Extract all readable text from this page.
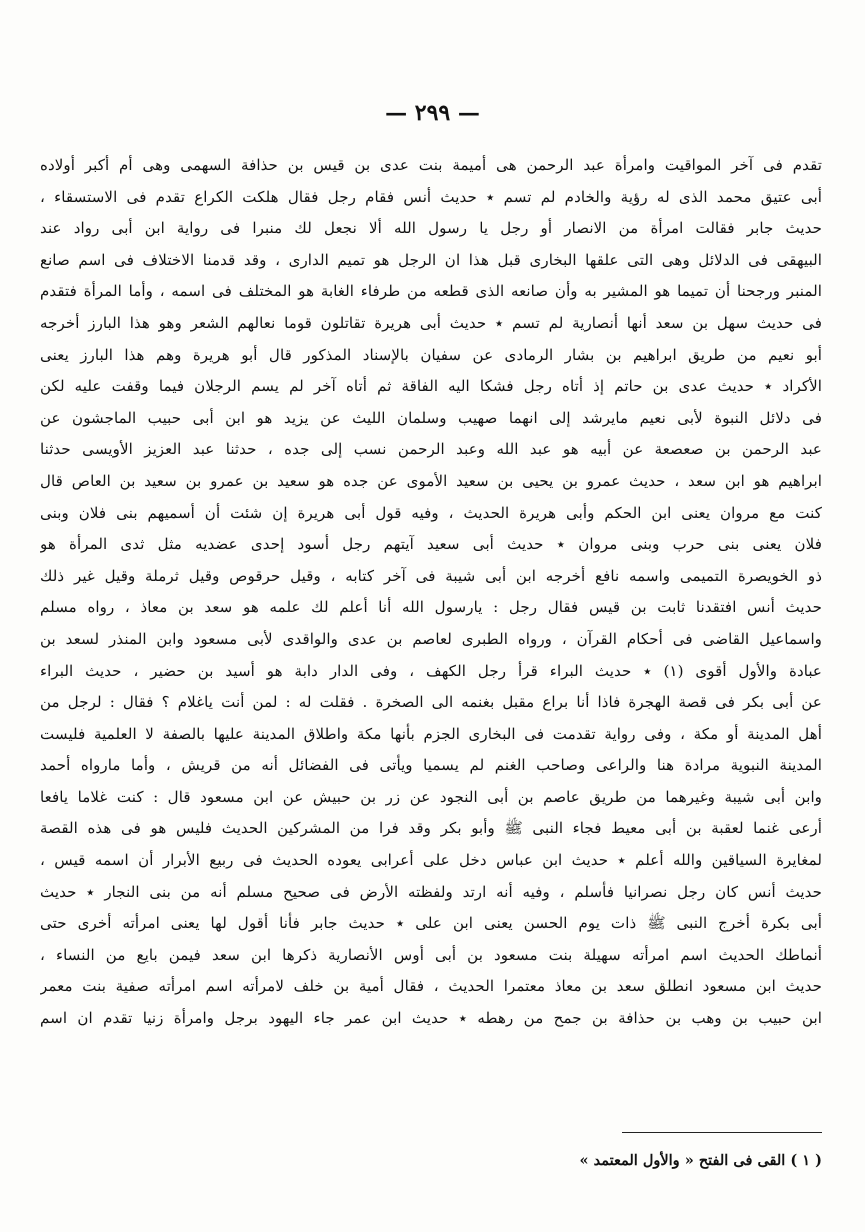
— ٢٩٩ —
تقدم فى آخر المواقيت وامرأة عبد الرحمن هى أميمة بنت عدى بن قيس بن حذافة السهمى وهى أم أكبر أولاده
أبى عتيق محمد الذى له رؤية والخادم لم تسم ٭ حديث أنس فقام رجل فقال هلكت الكراع تقدم فى الاستسقاء ،
حديث جابر فقالت امرأة من الانصار أو رجل يا رسول الله ألا نجعل لك منبرا فى رواية ابن أبى رواد عند
البيهقى فى الدلائل وهى التى علقها البخارى قبل هذا ان الرجل هو تميم الدارى ، وقد قدمنا الاختلاف فى اسم صانع
المنبر ورجحنا أن تميما هو المشير به وأن صانعه الذى قطعه من طرفاء الغابة هو المختلف فى اسمه ، وأما المرأة فتقدم
فى حديث سهل بن سعد أنها أنصارية لم تسم ٭ حديث أبى هريرة تقاتلون قوما نعالهم الشعر وهو هذا البارز أخرجه
أبو نعيم من طريق ابراهيم بن بشار الرمادى عن سفيان بالإسناد المذكور قال أبو هريرة وهم هذا البارز يعنى
الأكراد ٭ حديث عدى بن حاتم إذ أتاه رجل فشكا اليه الفاقة ثم أتاه آخر لم يسم الرجلان فيما وقفت عليه لكن
فى دلائل النبوة لأبى نعيم مايرشد إلى انهما صهيب وسلمان الليث عن يزيد هو ابن أبى حبيب الماجشون عن
عبد الرحمن بن صعصعة عن أبيه هو عبد الله وعبد الرحمن نسب إلى جده ، حدثنا عبد العزيز الأويسى حدثنا
ابراهيم هو ابن سعد ، حديث عمرو بن يحيى بن سعيد الأموى عن جده هو سعيد بن عمرو بن سعيد بن العاص قال
كنت مع مروان يعنى ابن الحكم وأبى هريرة الحديث ، وفيه قول أبى هريرة إن شئت أن أسميهم بنى فلان وبنى
فلان يعنى بنى حرب وبنى مروان ٭ حديث أبى سعيد آيتهم رجل أسود إحدى عضديه مثل ثدى المرأة هو
ذو الخويصرة التميمى واسمه نافع أخرجه ابن أبى شيبة فى آخر كتابه ، وقيل حرقوص وقيل ثرملة وقيل غير ذلك
حديث أنس افتقدنا ثابت بن قيس فقال رجل : يارسول الله أنا أعلم لك علمه هو سعد بن معاذ ، رواه مسلم
واسماعيل القاضى فى أحكام القرآن ، ورواه الطبرى لعاصم بن عدى والواقدى لأبى مسعود وابن المنذر لسعد بن
عبادة والأول أقوى (١) ٭ حديث البراء قرأ رجل الكهف ، وفى الدار دابة هو أسيد بن حضير ، حديث البراء
عن أبى بكر فى قصة الهجرة فاذا أنا براع مقبل بغنمه الى الصخرة . فقلت له : لمن أنت ياغلام ؟ فقال : لرجل من
أهل المدينة أو مكة ، وفى رواية تقدمت فى البخارى الجزم بأنها مكة واطلاق المدينة عليها بالصفة لا العلمية فليست
المدينة النبوية مرادة هنا والراعى وصاحب الغنم لم يسميا ويأتى فى الفضائل أنه من قريش ، وأما مارواه أحمد
وابن أبى شيبة وغيرهما من طريق عاصم بن أبى النجود عن زر بن حبيش عن ابن مسعود قال : كنت غلاما يافعا
أرعى غنما لعقبة بن أبى معيط فجاء النبى ﷺ وأبو بكر وقد فرا من المشركين الحديث فليس هو فى هذه القصة
لمغايرة السياقين والله أعلم ٭ حديث ابن عباس دخل على أعرابى يعوده الحديث فى ربيع الأبرار أن اسمه قيس ،
حديث أنس كان رجل نصرانيا فأسلم ، وفيه أنه ارتد ولفظته الأرض فى صحيح مسلم أنه من بنى النجار ٭ حديث
أبى بكرة أخرج النبى ﷺ ذات يوم الحسن يعنى ابن على ٭ حديث جابر فأنا أقول لها يعنى امرأته أخرى حتى
أنماطك الحديث اسم امرأته سهيلة بنت مسعود بن أبى أوس الأنصارية ذكرها ابن سعد فيمن بايع من النساء ،
حديث ابن مسعود انطلق سعد بن معاذ معتمرا الحديث ، فقال أمية بن خلف لامرأته اسم امرأته صفية بنت معمر
ابن حبيب بن وهب بن حذافة بن جمح من رهطه ٭ حديث ابن عمر جاء اليهود برجل وامرأة زنيا تقدم ان اسم
( ١ ) القى فى الفتح « والأول المعتمد »
